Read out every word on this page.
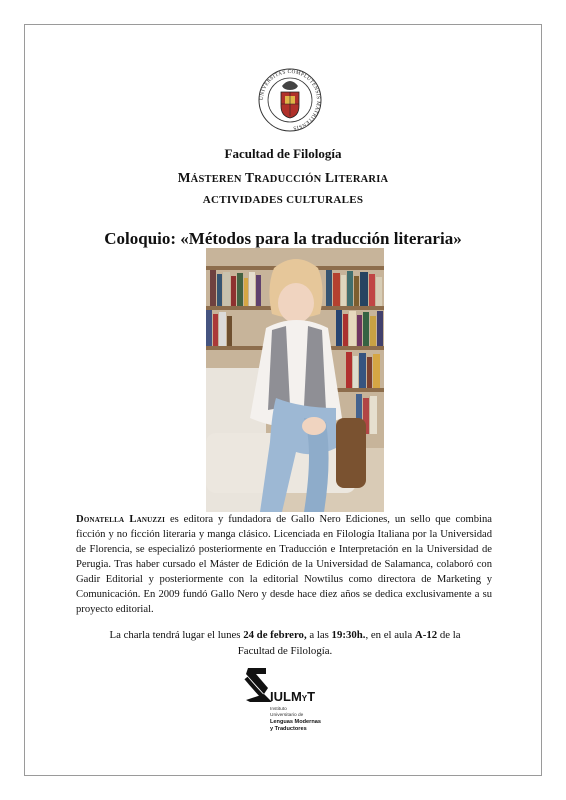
UNIVERSITAS COMPLUTENSIS MATRITENSIS
Facultad de Filología
MÁSTEREN TRADUCCIÓN LITERARIA
ACTIVIDADES CULTURALES
Coloquio: «Métodos para la traducción literaria»
Donatella Lanuzzi es editora y fundadora de Gallo Nero Ediciones, un sello que combina ficción y no ficción literaria y manga clásico. Licenciada en Filología Italiana por la Universidad de Florencia, se especializó posteriormente en Traducción e Interpretación en la Universidad de Perugia. Tras haber cursado el Máster de Edición de la Universidad de Salamanca, colaboró con Gadir Editorial y posteriormente con la editorial Nowtilus como directora de Marketing y Comunicación. En 2009 fundó Gallo Nero y desde hace diez años se dedica exclusivamente a su proyecto editorial.
La charla tendrá lugar el lunes 24 de febrero, a las 19:30h., en el aula A-12 de la Facultad de Filología.
IULMYT
Instituto
Universitario de
Lenguas Modernas
y Traductores
